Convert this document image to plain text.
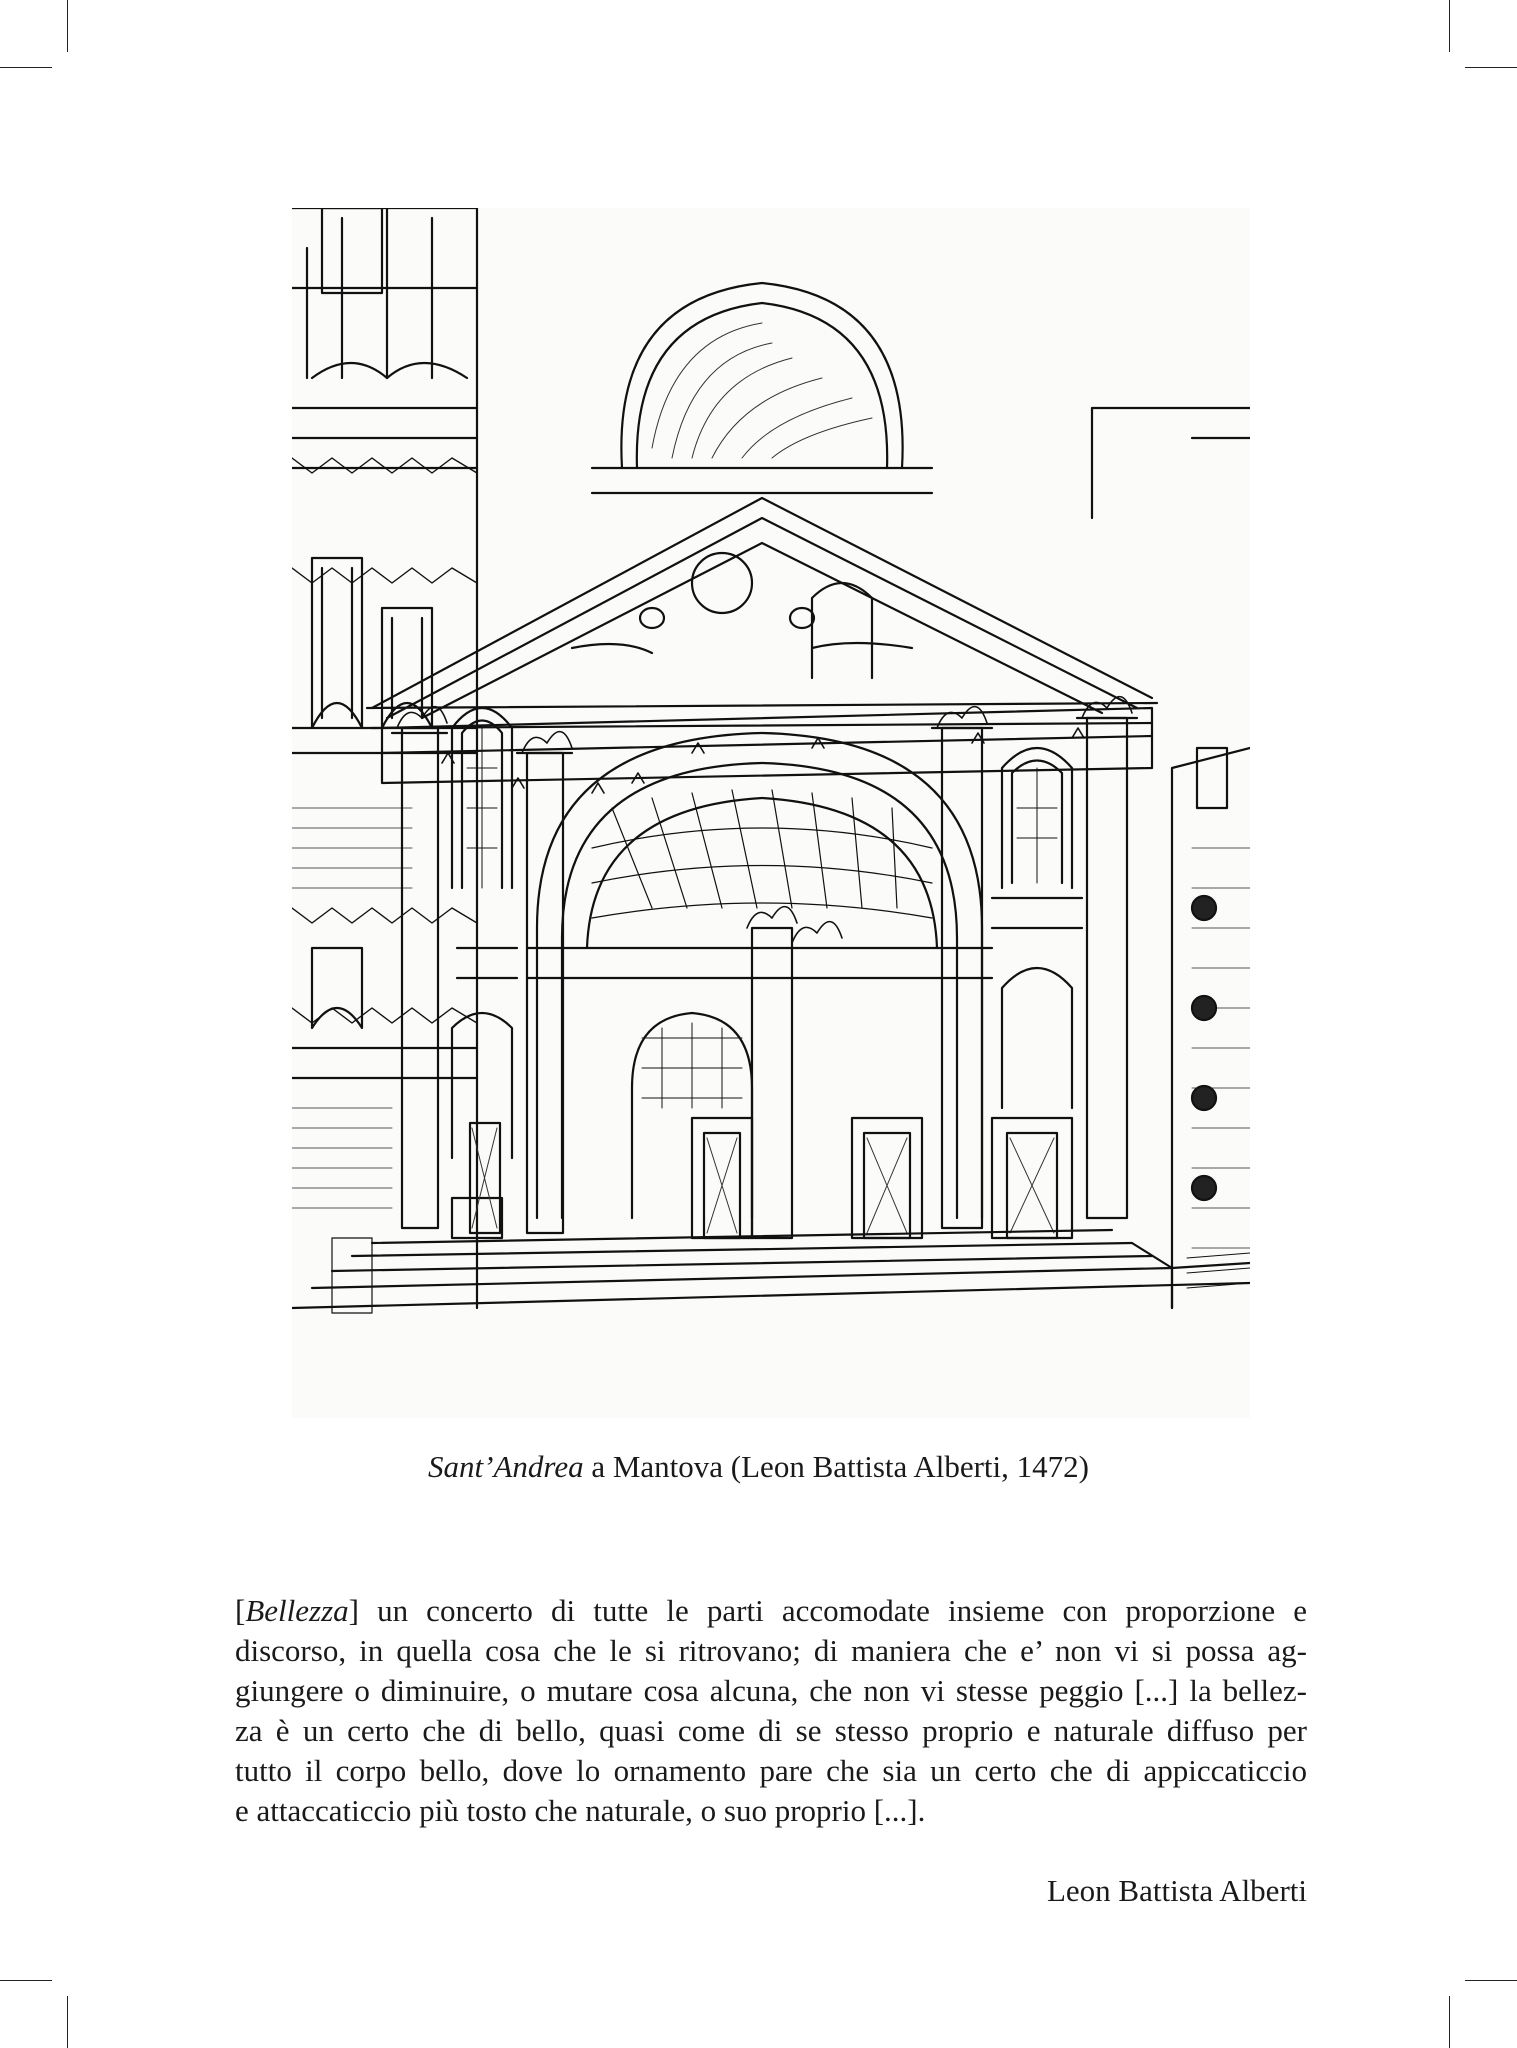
Sant’Andrea a Mantova (Leon Battista Alberti, 1472)
[Bellezza] un concerto di tutte le parti accomodate insieme con proporzione e
discorso, in quella cosa che le si ritrovano; di maniera che e’ non vi si possa ag-
giungere o diminuire, o mutare cosa alcuna, che non vi stesse peggio [...] la bellez-
za è un certo che di bello, quasi come di se stesso proprio e naturale diffuso per
tutto il corpo bello, dove lo ornamento pare che sia un certo che di appiccaticcio
e attaccaticcio più tosto che naturale, o suo proprio [...].
Leon Battista Alberti
